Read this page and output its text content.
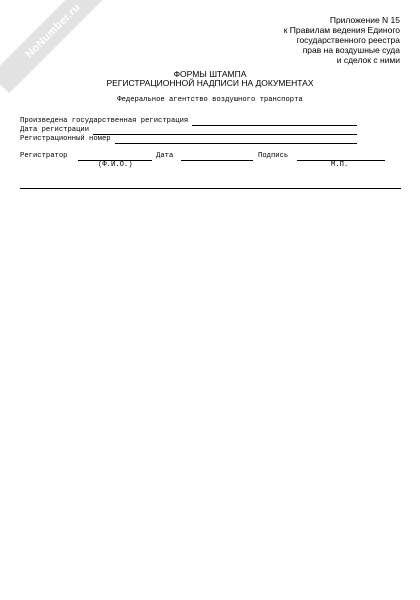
NoNumber.ru	Приложение N 15
к Правилам ведения Единого
государственного реестра
прав на воздушные суда
и сделок с ними
ФОРМЫ ШТАМПА
РЕГИСТРАЦИОННОЙ НАДПИСИ НА ДОКУМЕНТАХ
Федеральное агентство воздушного транспорта
Произведена государственная регистрация
Дата регистрации
Регистрационный номер
Регистратор	Дата	Подпись
(Ф.И.О.)	М.П.
